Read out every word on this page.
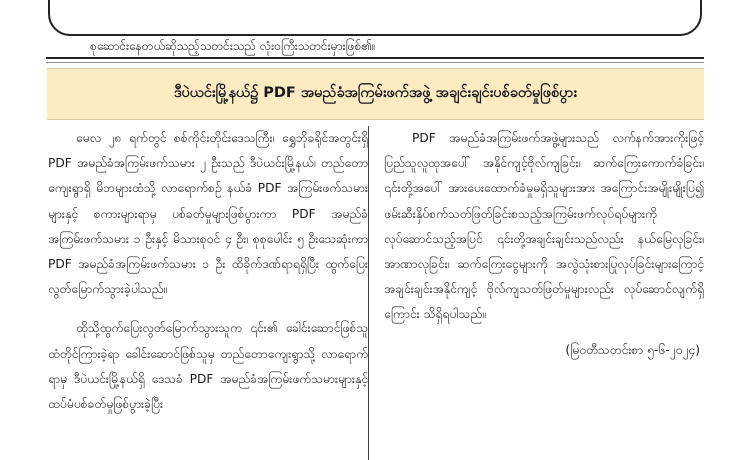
စုဆောင်းနေတယ်ဆိုသည့်သတင်းသည် လုံးဝကြီးသတင်းမှားဖြစ်၏။
ဒီပဲယင်းမြို့နယ်၌ PDF အမည်ခံအကြမ်းဖက်အဖွဲ့ အချင်းချင်းပစ်ခတ်မှုဖြစ်ပွား

မေလ ၂၈ ရက်တွင် စစ်ကိုင်းတိုင်းဒေသကြီး၊ ရွှေဘိုခရိုင်အတွင်းရှိ PDF အမည်ခံအကြမ်းဖက်သမား ၂ ဦးသည် ဒီပဲယင်းမြို့နယ်၊ တည်တောကျေးရွာရှိ မိဘများထံသို့ လာရောက်စဉ် နယ်ခံ PDF အကြမ်းဖက်သမားများနှင့် စကားများရာမှ ပစ်ခတ်မှုများဖြစ်ပွားကာ PDF အမည်ခံအကြမ်းဖက်သမား ၁ ဦးနှင့် မိသားစုဝင် ၄ ဦး၊ စုစုပေါင်း ၅ ဦးသေဆုံးကာ PDF အမည်ခံအကြမ်းဖက်သမား ၁ ဦး ထိခိုက်ဒဏ်ရာရရှိပြီး ထွက်ပြေးလွတ်မြောက်သွားခဲ့ပါသည်။

ထိုသို့ထွက်ပြေးလွတ်မြောက်သွားသူက ၎င်း၏ ခေါင်းဆောင်ဖြစ်သူထံတိုင်ကြားခဲ့ရာ ခေါင်းဆောင်ဖြစ်သူမှ တည်တောကျေးရွာသို့ လာရောက်ရာမှ ဒီပဲယင်းမြို့နယ်ရှိ ဒေသခံ PDF အမည်ခံအကြမ်းဖက်သမားများနှင့် ထပ်မံပစ်ခတ်မှုဖြစ်ပွားခဲ့ပြီး

PDF အမည်ခံအကြမ်းဖက်အဖွဲ့များသည် လက်နက်အားကိုးဖြင့် ပြည်သူလူထုအပေါ် အနိုင်ကျင့်ဗိုလ်ကျခြင်း၊ ဆက်ကြေးကောက်ခံခြင်း၊ ၎င်းတို့အပေါ် အားပေးထောက်ခံမှုမရှိသူများအား အကြောင်းအမျိုးမျိုးပြ၍ ဖမ်းဆီးနှိပ်စက်သတ်ဖြတ်ခြင်းစသည့်အကြမ်းဖက်လုပ်ရပ်များကို လုပ်ဆောင်သည့်အပြင် ၎င်းတို့အချင်းချင်းသည်လည်း နယ်မြေလုခြင်း၊ အာဏာလုခြင်း၊ ဆက်ကြေးငွေများကို အလွဲသုံးစားပြုလုပ်ခြင်းများကြောင့် အချင်းချင်းအနိုင်ကျင့် ဗိုလ်ကျသတ်ဖြတ်မှုများလည်း လုပ်ဆောင်လျက်ရှိကြောင်း သိရှိရပါသည်။

(မြဝတီသတင်းစာ ၅-၆-၂၀၂၄)
